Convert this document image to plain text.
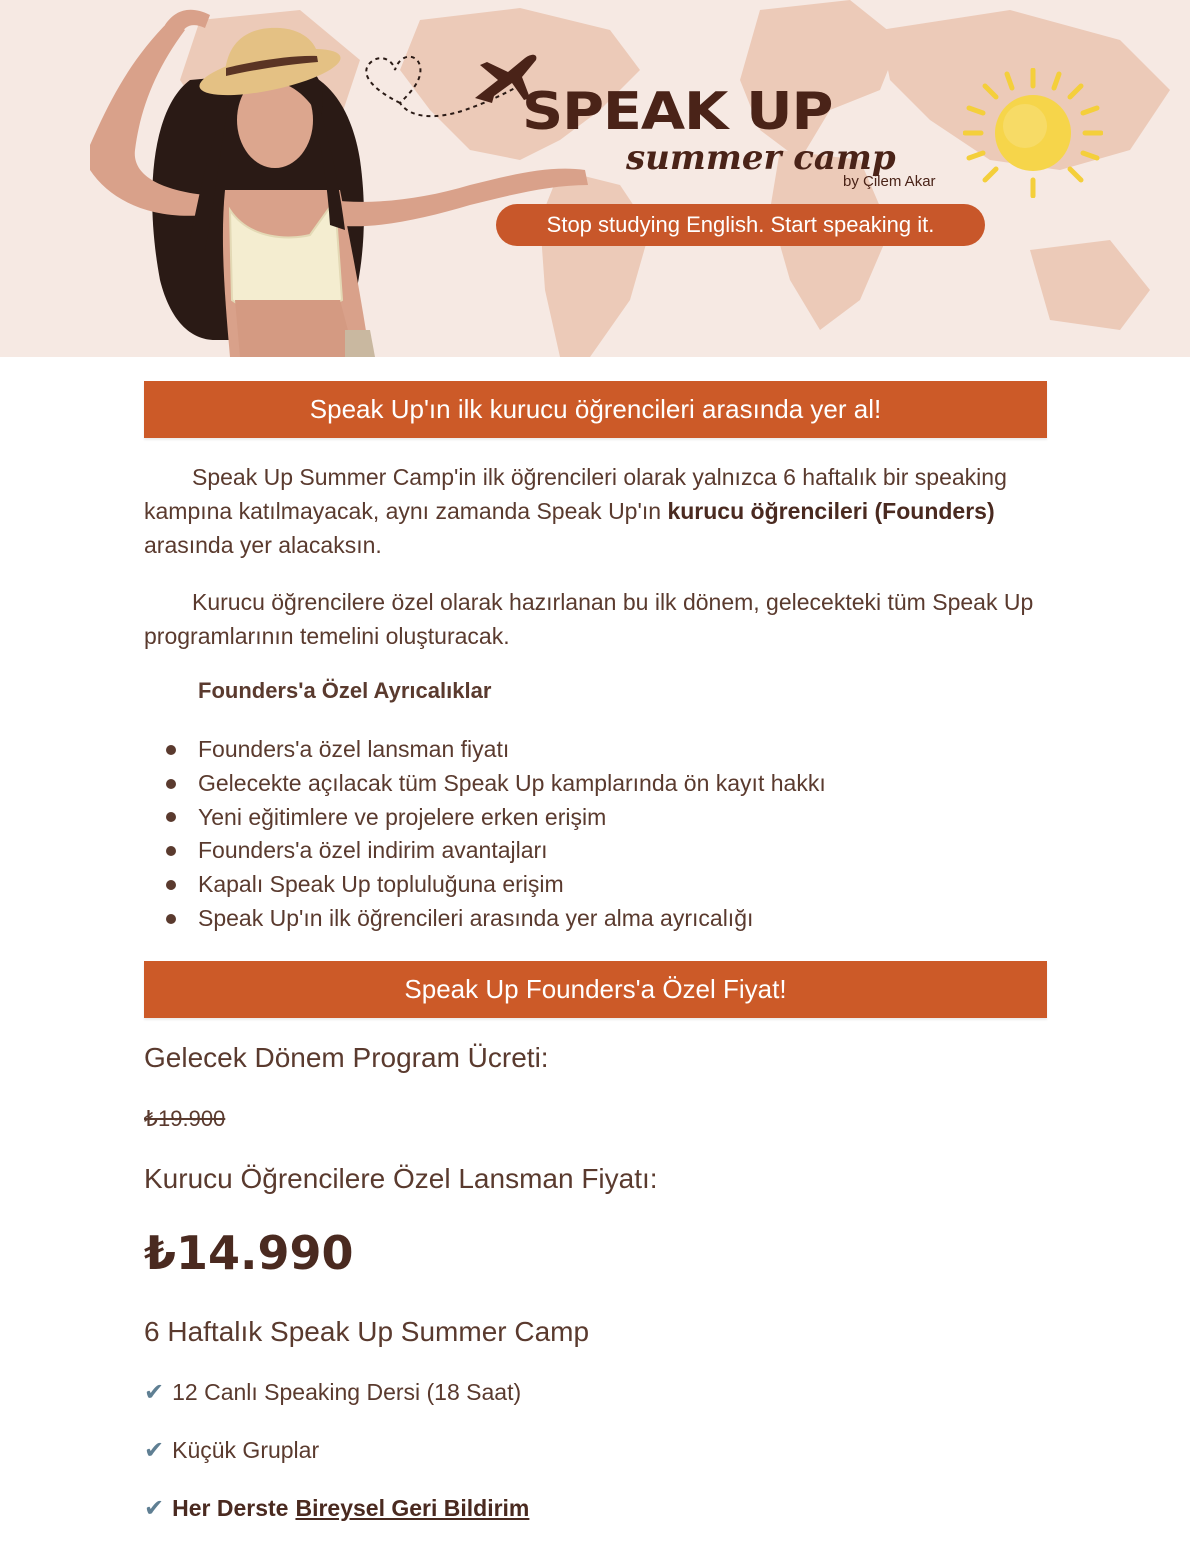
SPEAK UP
summer camp
by Çilem Akar
Stop studying English. Start speaking it.
Speak Up'ın ilk kurucu öğrencileri arasında yer al!

Speak Up Summer Camp'in ilk öğrencileri olarak yalnızca 6 haftalık bir speaking kampına katılmayacak, aynı zamanda Speak Up'ın kurucu öğrencileri (Founders) arasında yer alacaksın.

Kurucu öğrencilere özel olarak hazırlanan bu ilk dönem, gelecekteki tüm Speak Up programlarının temelini oluşturacak.

Founders'a Özel Ayrıcalıklar
Founders'a özel lansman fiyatı
Gelecekte açılacak tüm Speak Up kamplarında ön kayıt hakkı
Yeni eğitimlere ve projelere erken erişim
Founders'a özel indirim avantajları
Kapalı Speak Up topluluğuna erişim
Speak Up'ın ilk öğrencileri arasında yer alma ayrıcalığı
Speak Up Founders'a Özel Fiyat!

Gelecek Dönem Program Ücreti:

₺19.900

Kurucu Öğrencilere Özel Lansman Fiyatı:

₺14.990

6 Haftalık Speak Up Summer Camp

✔ 12 Canlı Speaking Dersi (18 Saat)

✔ Küçük Gruplar

✔ Her Derste Bireysel Geri Bildirim
